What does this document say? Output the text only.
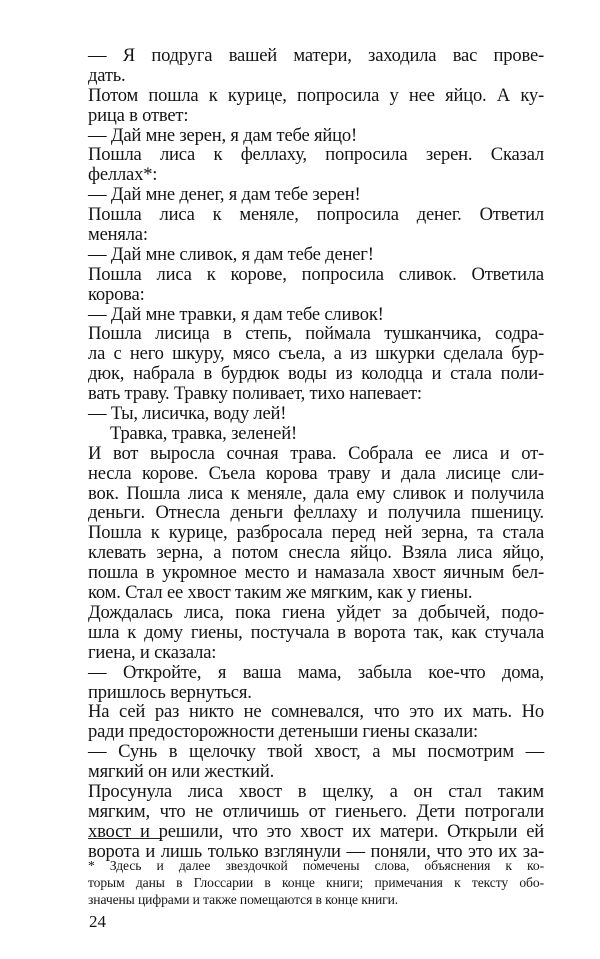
— Я подруга вашей матери, заходила вас прове-
дать.
Потом пошла к курице, попросила у нее яйцо. А ку-
рица в ответ:
— Дай мне зерен, я дам тебе яйцо!
Пошла лиса к феллаху, попросила зерен. Сказал
феллах*:
— Дай мне денег, я дам тебе зерен!
Пошла лиса к меняле, попросила денег. Ответил
меняла:
— Дай мне сливок, я дам тебе денег!
Пошла лиса к корове, попросила сливок. Ответила
корова:
— Дай мне травки, я дам тебе сливок!
Пошла лисица в степь, поймала тушканчика, содра-
ла с него шкуру, мясо съела, а из шкурки сделала бур-
дюк, набрала в бурдюк воды из колодца и стала поли-
вать траву. Травку поливает, тихо напевает:
— Ты, лисичка, воду лей!
Травка, травка, зеленей!
И вот выросла сочная трава. Собрала ее лиса и от-
несла корове. Съела корова траву и дала лисице сли-
вок. Пошла лиса к меняле, дала ему сливок и получила
деньги. Отнесла деньги феллаху и получила пшеницу.
Пошла к курице, разбросала перед ней зерна, та стала
клевать зерна, а потом снесла яйцо. Взяла лиса яйцо,
пошла в укромное место и намазала хвост яичным бел-
ком. Стал ее хвост таким же мягким, как у гиены.
Дождалась лиса, пока гиена уйдет за добычей, подо-
шла к дому гиены, постучала в ворота так, как стучала
гиена, и сказала:
— Откройте, я ваша мама, забыла кое-что дома,
пришлось вернуться.
На сей раз никто не сомневался, что это их мать. Но
ради предосторожности детеныши гиены сказали:
— Сунь в щелочку твой хвост, а мы посмотрим —
мягкий он или жесткий.
Просунула лиса хвост в щелку, а он стал таким
мягким, что не отличишь от гиеньего. Дети потрогали
хвост и решили, что это хвост их матери. Открыли ей
ворота и лишь только взглянули — поняли, что это их за-
* Здесь и далее звездочкой помечены слова, объяснения к ко-
торым даны в Глоссарии в конце книги; примечания к тексту обо-
значены цифрами и также помещаются в конце книги.
24
